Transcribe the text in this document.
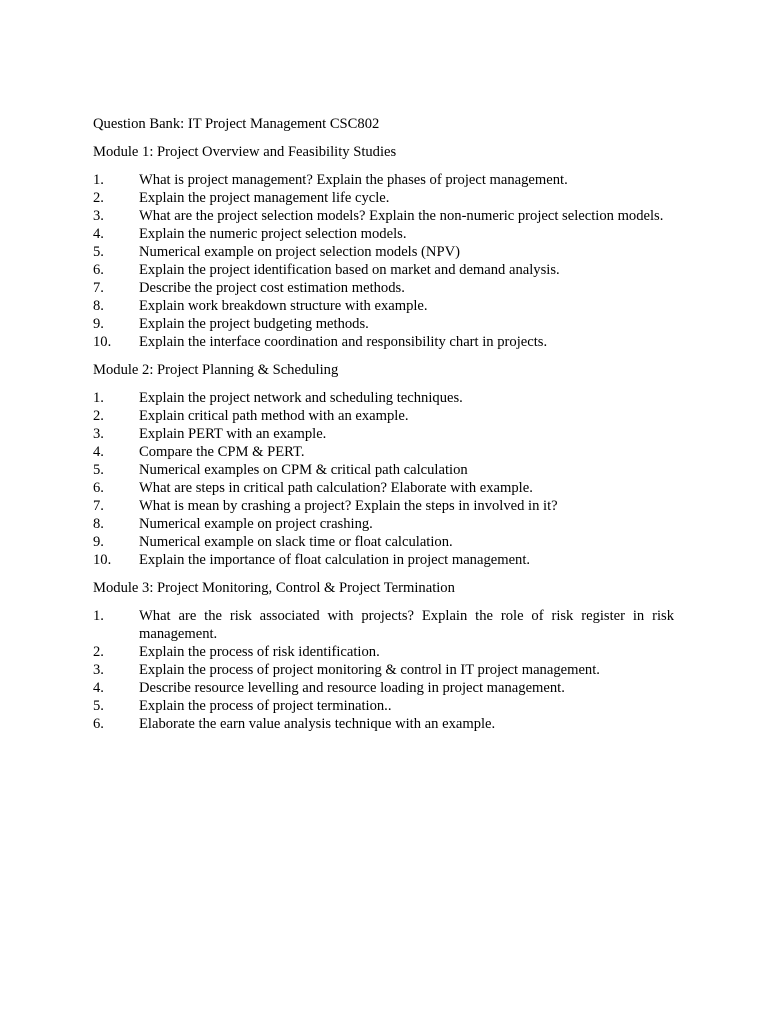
Question Bank: IT Project Management CSC802

Module 1: Project Overview and Feasibility Studies

1.	What is project management? Explain the phases of project management.
2.	Explain the project management life cycle.
3.	What are the project selection models? Explain the non-numeric project selection models.
4.	Explain the numeric project selection models.
5.	Numerical example on project selection models (NPV)
6.	Explain the project identification based on market and demand analysis.
7.	Describe the project cost estimation methods.
8.	Explain work breakdown structure with example.
9.	Explain the project budgeting methods.
10.	Explain the interface coordination and responsibility chart in projects.

Module 2: Project Planning & Scheduling

1.	Explain the project network and scheduling techniques.
2.	Explain critical path method with an example.
3.	Explain PERT with an example.
4.	Compare the CPM & PERT.
5.	Numerical examples on CPM & critical path calculation
6.	What are steps in critical path calculation? Elaborate with example.
7.	What is mean by crashing a project? Explain the steps in involved in it?
8.	Numerical example on project crashing.
9.	Numerical example on slack time or float calculation.
10.	Explain the importance of float calculation in project management.

Module 3: Project Monitoring, Control & Project Termination

1.	What are the risk associated with projects? Explain the role of risk register in risk management.
2.	Explain the process of risk identification.
3.	Explain the process of project monitoring & control in IT project management.
4.	Describe resource levelling and resource loading in project management.
5.	Explain the process of project termination..
6.	Elaborate the earn value analysis technique with an example.
